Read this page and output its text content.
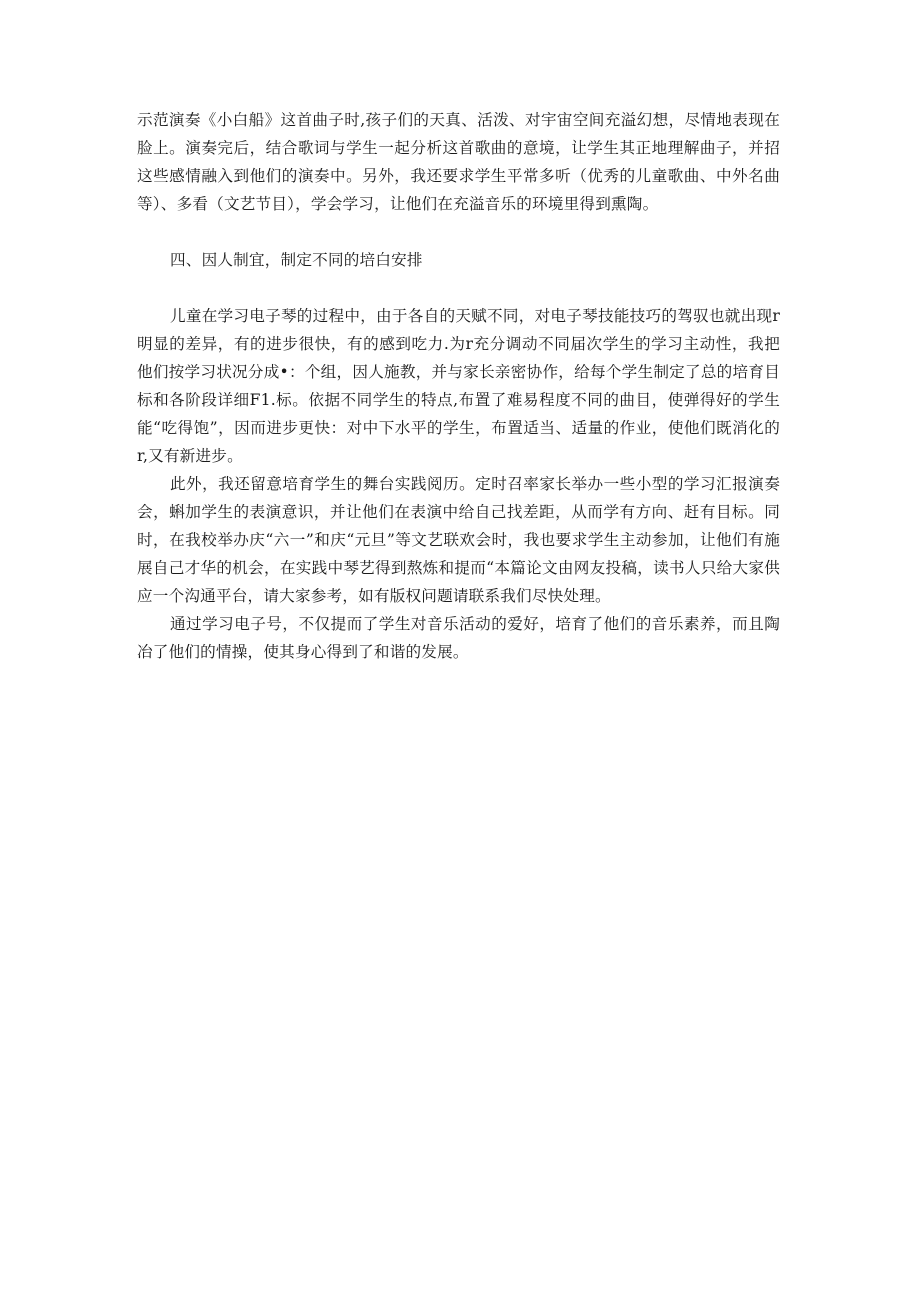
示范演奏《小白船》这首曲子时,孩子们的天真、活泼、对宇宙空间充溢幻想，尽情地表现在脸上。演奏完后，结合歌词与学生一起分析这首歌曲的意境，让学生其正地理解曲子，并招这些感情融入到他们的演奏中。另外，我还要求学生平常多听（优秀的儿童歌曲、中外名曲等）、多看（文艺节目），学会学习，让他们在充溢音乐的环境里得到熏陶。

四、因人制宜，制定不同的培白安排

儿童在学习电子琴的过程中，由于各自的天赋不同，对电子琴技能技巧的驾驭也就出现r明显的差异，有的进步很快，有的感到吃力.为r充分调动不同届次学生的学习主动性，我把他们按学习状况分成•：个组，因人施教，并与家长亲密协作，给每个学生制定了总的培育目标和各阶段详细F1.标。依据不同学生的特点,布置了难易程度不同的曲目，使弹得好的学生能“吃得饱”，因而进步更快：对中下水平的学生，布置适当、适量的作业，使他们既消化的r,又有新进步。

此外，我还留意培育学生的舞台实践阅历。定时召率家长举办一些小型的学习汇报演奏会，蝌加学生的表演意识，并让他们在表演中给自己找差距，从而学有方向、赶有目标。同时，在我校举办庆“六一”和庆“元旦”等文艺联欢会时，我也要求学生主动参加，让他们有施展自己才华的机会，在实践中琴艺得到熬炼和提而“本篇论文由网友投稿，读书人只给大家供应一个沟通平台，请大家参考，如有版权问题请联系我们尽快处理。

通过学习电子号，不仅提而了学生对音乐活动的爱好，培育了他们的音乐素养，而且陶冶了他们的情操，使其身心得到了和谐的发展。
